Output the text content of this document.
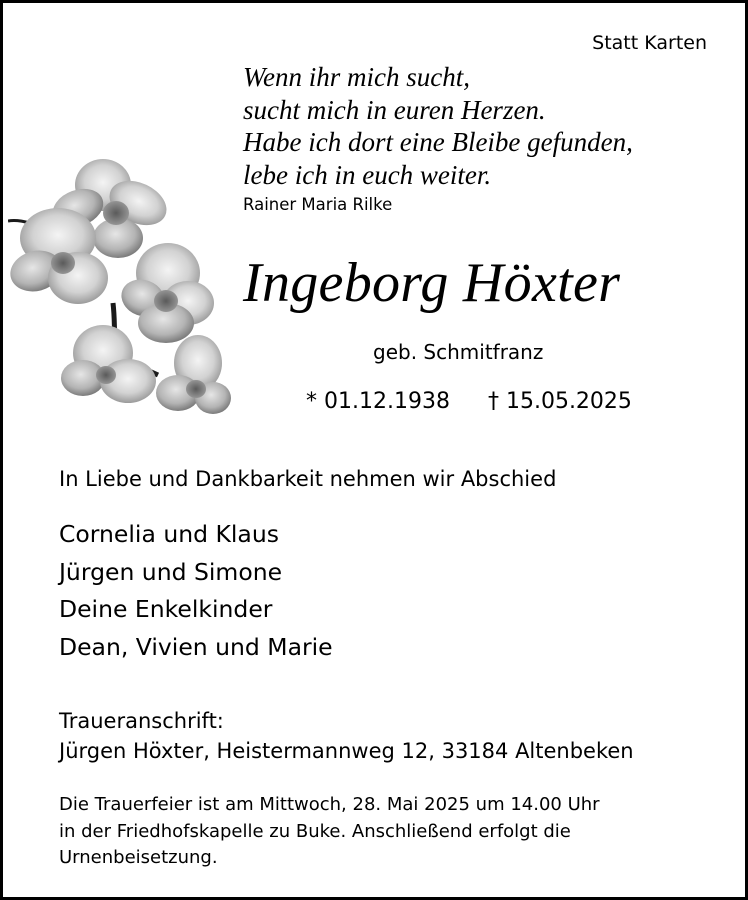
Statt Karten
Wenn ihr mich sucht,
sucht mich in euren Herzen.
Habe ich dort eine Bleibe gefunden,
lebe ich in euch weiter.
Rainer Maria Rilke
Ingeborg Höxter
geb. Schmitfranz
* 01.12.1938 † 15.05.2025
In Liebe und Dankbarkeit nehmen wir Abschied
Cornelia und Klaus
Jürgen und Simone
Deine Enkelkinder
Dean, Vivien und Marie
Traueranschrift:
Jürgen Höxter, Heistermannweg 12, 33184 Altenbeken
Die Trauerfeier ist am Mittwoch, 28. Mai 2025 um 14.00 Uhr
in der Friedhofskapelle zu Buke. Anschließend erfolgt die
Urnenbeisetzung.
